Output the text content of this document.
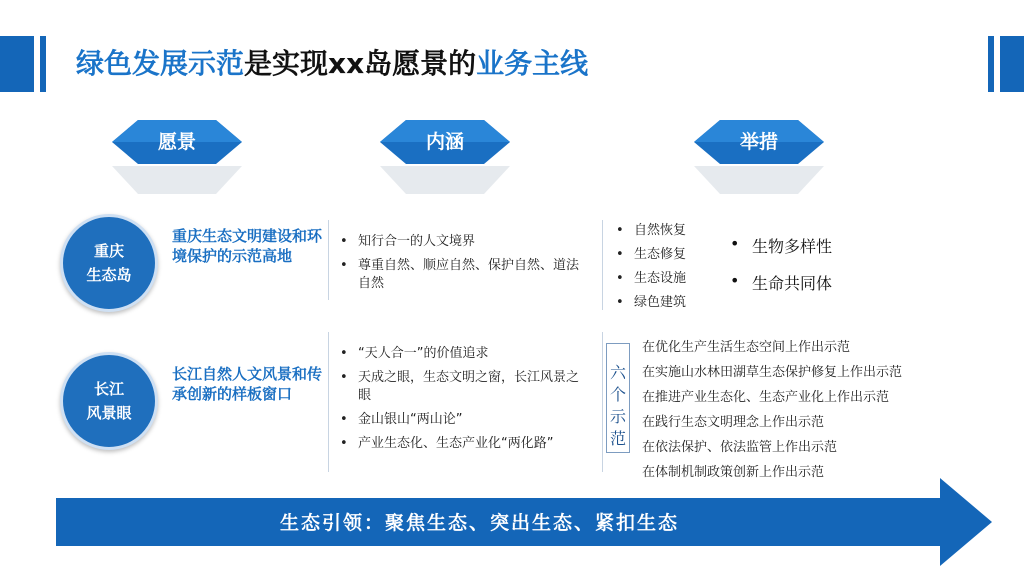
绿色发展示范是实现xx岛愿景的业务主线
愿景	内涵	举措
重庆
生态岛
重庆生态文明建设和环境保护的示范高地
• 知行合一的人文境界
• 尊重自然、顺应自然、保护自然、道法自然
• 自然恢复
• 生态修复
• 生态设施
• 绿色建筑
• 生物多样性
• 生命共同体
长江
风景眼
长江自然人文风景和传承创新的样板窗口
• “天人合一”的价值追求
• 天成之眼，生态文明之窗，长江风景之眼
• 金山银山“两山论”
• 产业生态化、生态产业化“两化路”
六
个
示
范
在优化生产生活生态空间上作出示范
在实施山水林田湖草生态保护修复上作出示范
在推进产业生态化、生态产业化上作出示范
在践行生态文明理念上作出示范
在依法保护、依法监管上作出示范
在体制机制政策创新上作出示范
生态引领：聚焦生态、突出生态、紧扣生态
